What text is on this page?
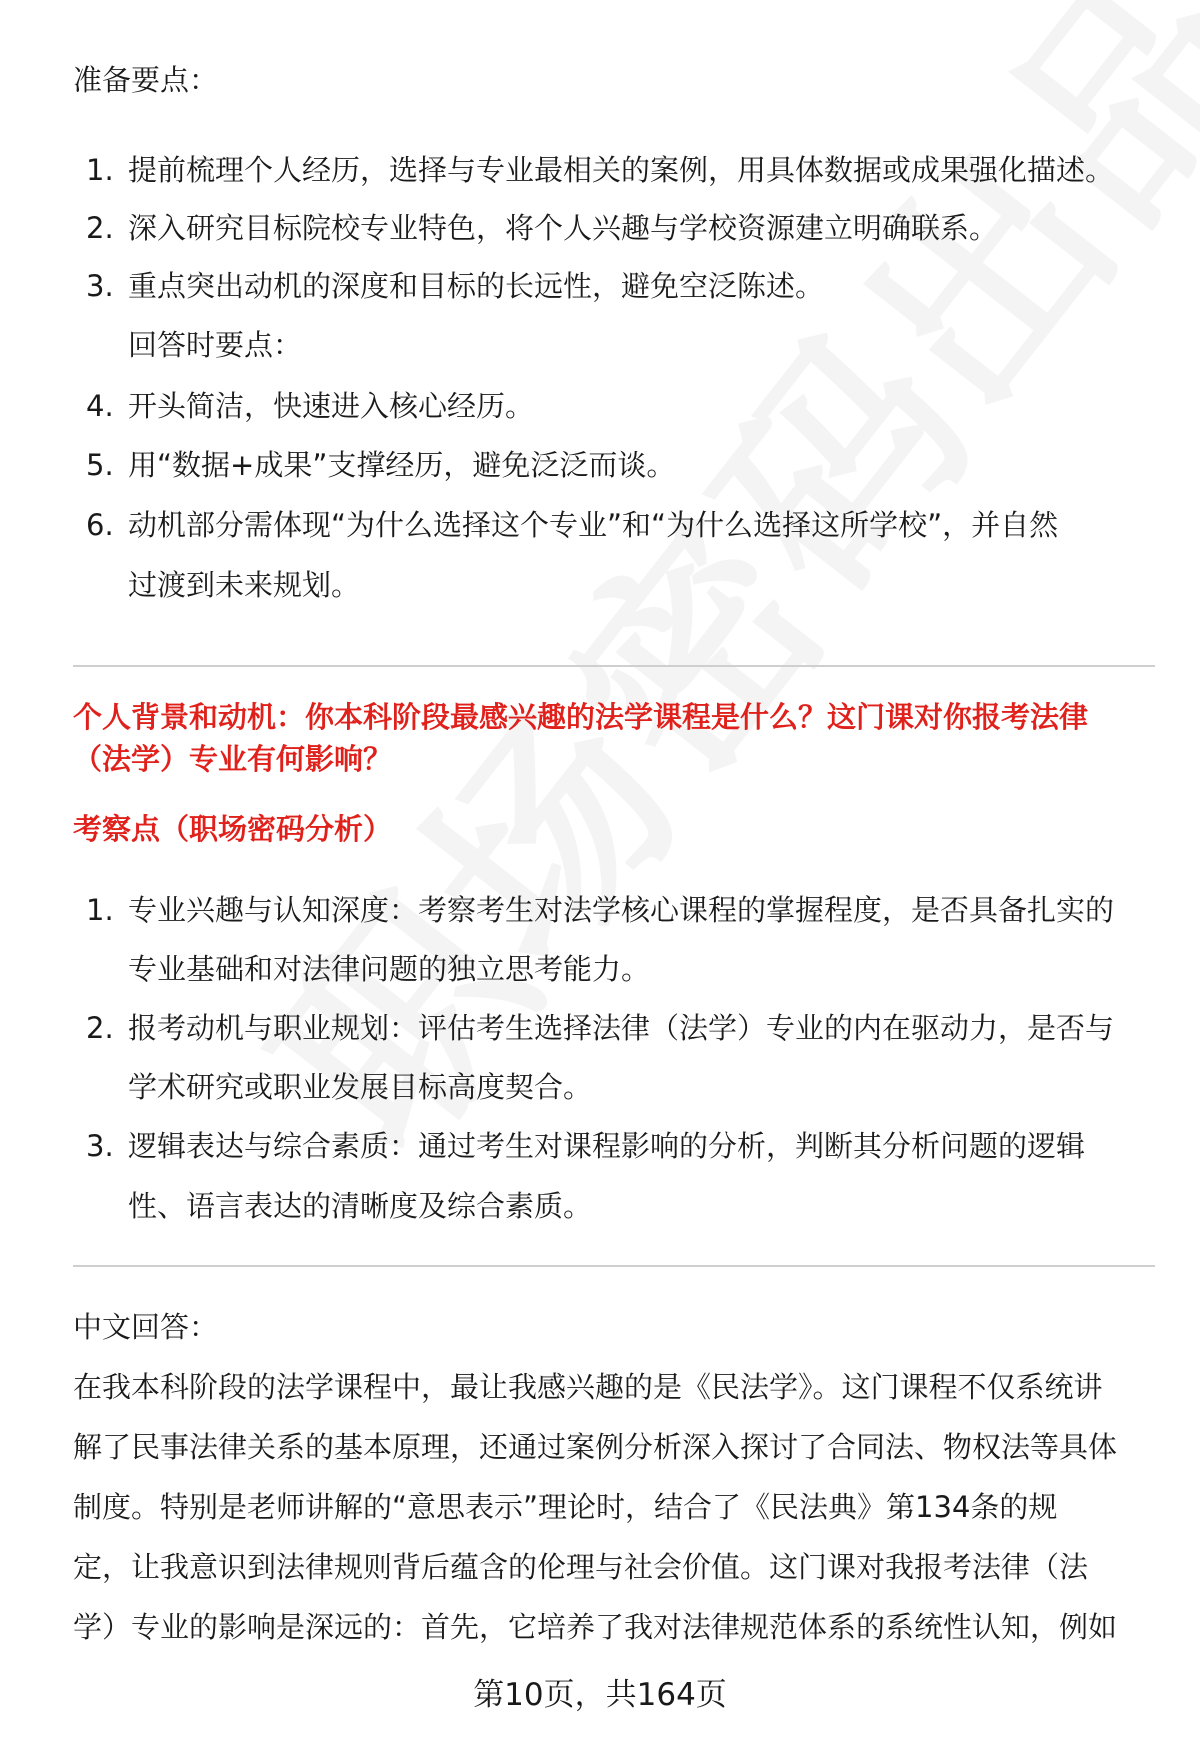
准备要点：
1. 提前梳理个人经历，选择与专业最相关的案例，用具体数据或成果强化描述。
2. 深入研究目标院校专业特色，将个人兴趣与学校资源建立明确联系。
3. 重点突出动机的深度和目标的长远性，避免空泛陈述。
回答时要点：
4. 开头简洁，快速进入核心经历。
5. 用“数据+成果”支撑经历，避免泛泛而谈。
6. 动机部分需体现“为什么选择这个专业”和“为什么选择这所学校”，并自然
过渡到未来规划。
个人背景和动机：你本科阶段最感兴趣的法学课程是什么？这门课对你报考法律
（法学）专业有何影响？
考察点（职场密码分析）
1. 专业兴趣与认知深度：考察考生对法学核心课程的掌握程度，是否具备扎实的
专业基础和对法律问题的独立思考能力。
2. 报考动机与职业规划：评估考生选择法律（法学）专业的内在驱动力，是否与
学术研究或职业发展目标高度契合。
3. 逻辑表达与综合素质：通过考生对课程影响的分析，判断其分析问题的逻辑
性、语言表达的清晰度及综合素质。
中文回答：
在我本科阶段的法学课程中，最让我感兴趣的是《民法学》。这门课程不仅系统讲
解了民事法律关系的基本原理，还通过案例分析深入探讨了合同法、物权法等具体
制度。特别是老师讲解的“意思表示”理论时，结合了《民法典》第134条的规
定，让我意识到法律规则背后蕴含的伦理与社会价值。这门课对我报考法律（法
学）专业的影响是深远的：首先，它培养了我对法律规范体系的系统性认知，例如
第10页，共164页
